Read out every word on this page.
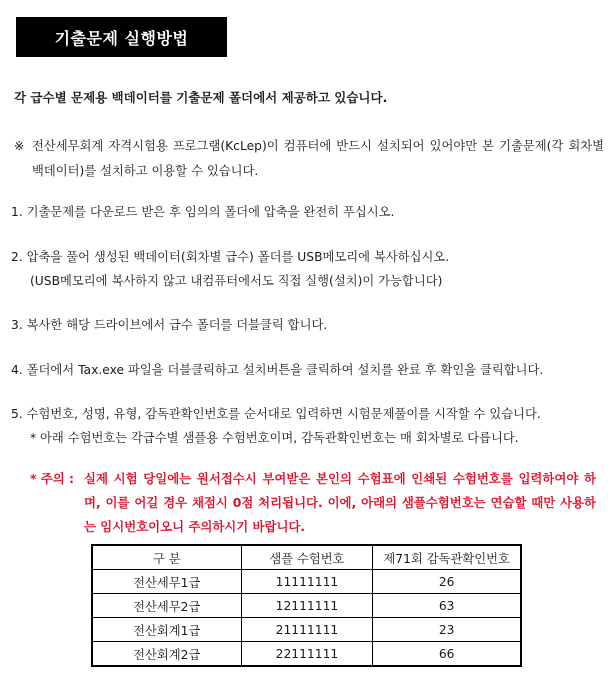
기출문제 실행방법
각 급수별 문제용 백데이터를 기출문제 폴더에서 제공하고 있습니다.
※ 전산세무회계 자격시험용 프로그램(KcLep)이 컴퓨터에 반드시 설치되어 있어야만 본 기출문제(각 회차별 백데이터)를 설치하고 이용할 수 있습니다.
1. 기출문제를 다운로드 받은 후 임의의 폴더에 압축을 완전히 푸십시오.
2. 압축을 풀어 생성된 백데이터(회차별 급수) 폴더를 USB메모리에 복사하십시오.
(USB메모리에 복사하지 않고 내컴퓨터에서도 직접 실행(설치)이 가능합니다)
3. 복사한 해당 드라이브에서 급수 폴더를 더블클릭 합니다.
4. 폴더에서 Tax.exe 파일을 더블클릭하고 설치버튼을 클릭하여 설치를 완료 후 확인을 클릭합니다.
5. 수험번호, 성명, 유형, 감독관확인번호를 순서대로 입력하면 시험문제풀이를 시작할 수 있습니다.
* 아래 수험번호는 각급수별 샘플용 수험번호이며, 감독관확인번호는 매 회차별로 다릅니다.
* 주의 : 실제 시험 당일에는 원서접수시 부여받은 본인의 수험표에 인쇄된 수험번호를 입력하여야 하며, 이를 어길 경우 채점시 0점 처리됩니다. 이에, 아래의 샘플수험번호는 연습할 때만 사용하는 임시번호이오니 주의하시기 바랍니다.
구 분	샘플 수험번호	제71회 감독관확인번호
전산세무1급	11111111	26
전산세무2급	12111111	63
전산회계1급	21111111	23
전산회계2급	22111111	66
